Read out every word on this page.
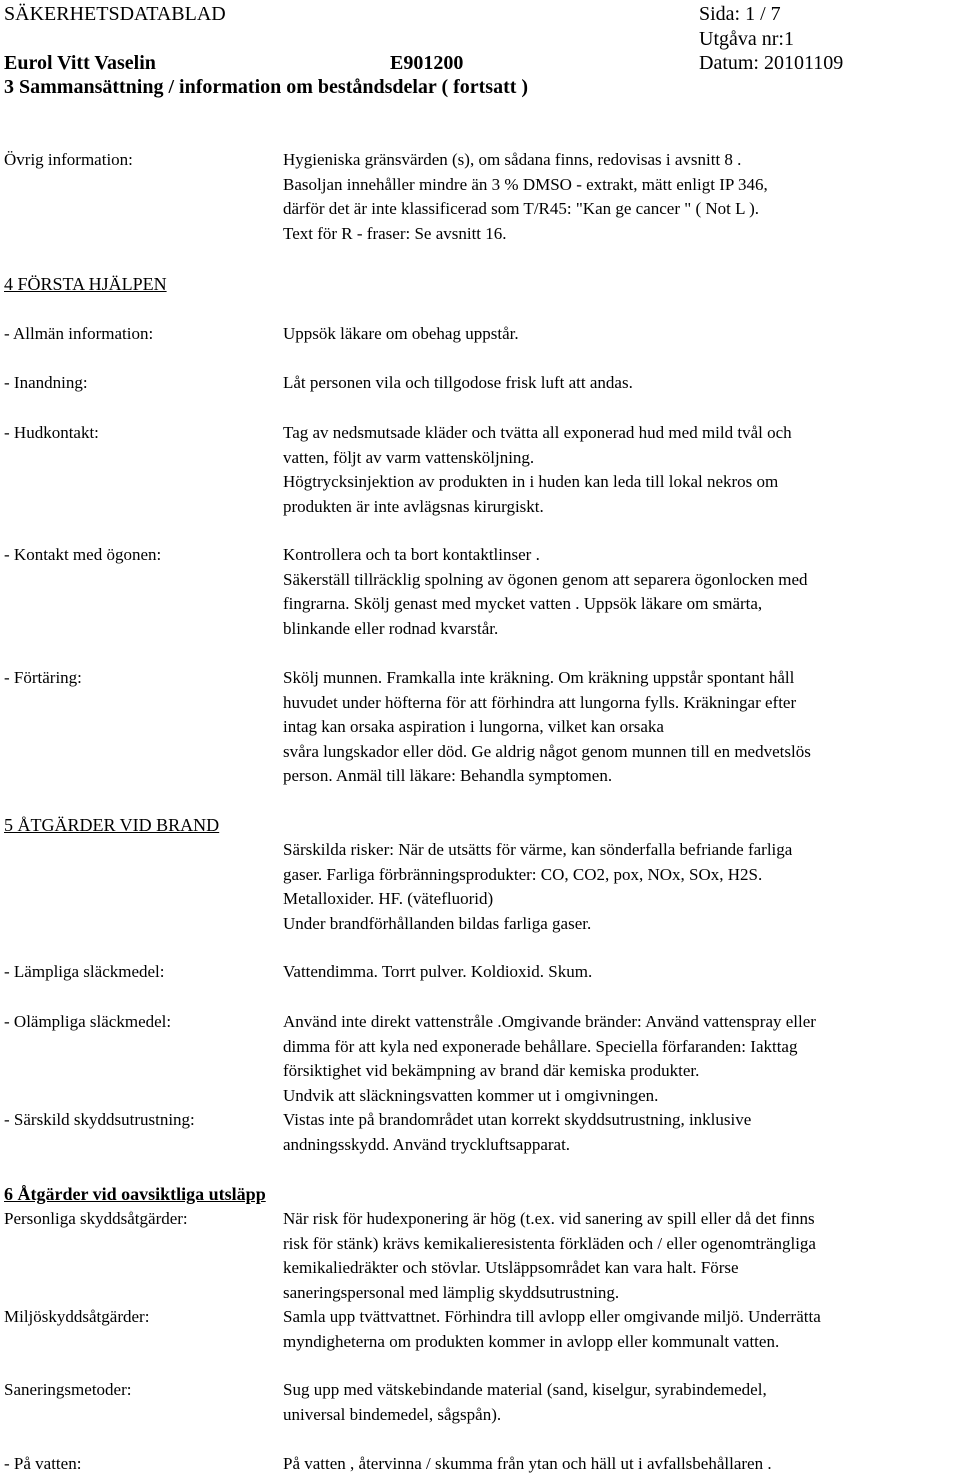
SÄKERHETSDATABLAD	Sida: 1 / 7
Utgåva nr:1
Datum: 20101109
Eurol Vitt Vaselin	E901200
3 Sammansättning / information om beståndsdelar ( fortsatt )
Övrig information:	Hygieniska gränsvärden (s), om sådana finns, redovisas i avsnitt 8 .
Basoljan innehåller mindre än 3 % DMSO - extrakt, mätt enligt IP 346,
därför det är inte klassificerad som T/R45: "Kan ge cancer " ( Not L ).
Text för R - fraser: Se avsnitt 16.
4 FÖRSTA HJÄLPEN
- Allmän information:	Uppsök läkare om obehag uppstår.
- Inandning:	Låt personen vila och tillgodose frisk luft att andas.
- Hudkontakt:	Tag av nedsmutsade kläder och tvätta all exponerad hud med mild tvål och
vatten, följt av varm vattensköljning.
Högtrycksinjektion av produkten in i huden kan leda till lokal nekros om
produkten är inte avlägsnas kirurgiskt.
- Kontakt med ögonen:	Kontrollera och ta bort kontaktlinser .
Säkerställ tillräcklig spolning av ögonen genom att separera ögonlocken med
fingrarna. Skölj genast med mycket vatten . Uppsök läkare om smärta,
blinkande eller rodnad kvarstår.
- Förtäring:	Skölj munnen. Framkalla inte kräkning. Om kräkning uppstår spontant håll
huvudet under höfterna för att förhindra att lungorna fylls. Kräkningar efter
intag kan orsaka aspiration i lungorna, vilket kan orsaka
svåra lungskador eller död. Ge aldrig något genom munnen till en medvetslös
person. Anmäl till läkare: Behandla symptomen.
5 ÅTGÄRDER VID BRAND
Särskilda risker: När de utsätts för värme, kan sönderfalla befriande farliga
gaser. Farliga förbränningsprodukter: CO, CO2, pox, NOx, SOx, H2S.
Metalloxider. HF. (vätefluorid)
Under brandförhållanden bildas farliga gaser.
- Lämpliga släckmedel:	Vattendimma. Torrt pulver. Koldioxid. Skum.
- Olämpliga släckmedel:	Använd inte direkt vattenstråle .Omgivande bränder: Använd vattenspray eller
dimma för att kyla ned exponerade behållare. Speciella förfaranden: Iakttag
försiktighet vid bekämpning av brand där kemiska produkter.
Undvik att släckningsvatten kommer ut i omgivningen.
- Särskild skyddsutrustning:	Vistas inte på brandområdet utan korrekt skyddsutrustning, inklusive
andningsskydd. Använd tryckluftsapparat.
6 Åtgärder vid oavsiktliga utsläpp
Personliga skyddsåtgärder:	När risk för hudexponering är hög (t.ex. vid sanering av spill eller då det finns
risk för stänk) krävs kemikalieresistenta förkläden och / eller ogenomträngliga
kemikaliedräkter och stövlar. Utsläppsområdet kan vara halt. Förse
saneringspersonal med lämplig skyddsutrustning.
Miljöskyddsåtgärder:	Samla upp tvättvattnet. Förhindra till avlopp eller omgivande miljö. Underrätta
myndigheterna om produkten kommer in avlopp eller kommunalt vatten.
Saneringsmetoder:	Sug upp med vätskebindande material (sand, kiselgur, syrabindemedel,
universal bindemedel, sågspån).
- På vatten:	På vatten , återvinna / skumma från ytan och häll ut i avfallsbehållaren .
